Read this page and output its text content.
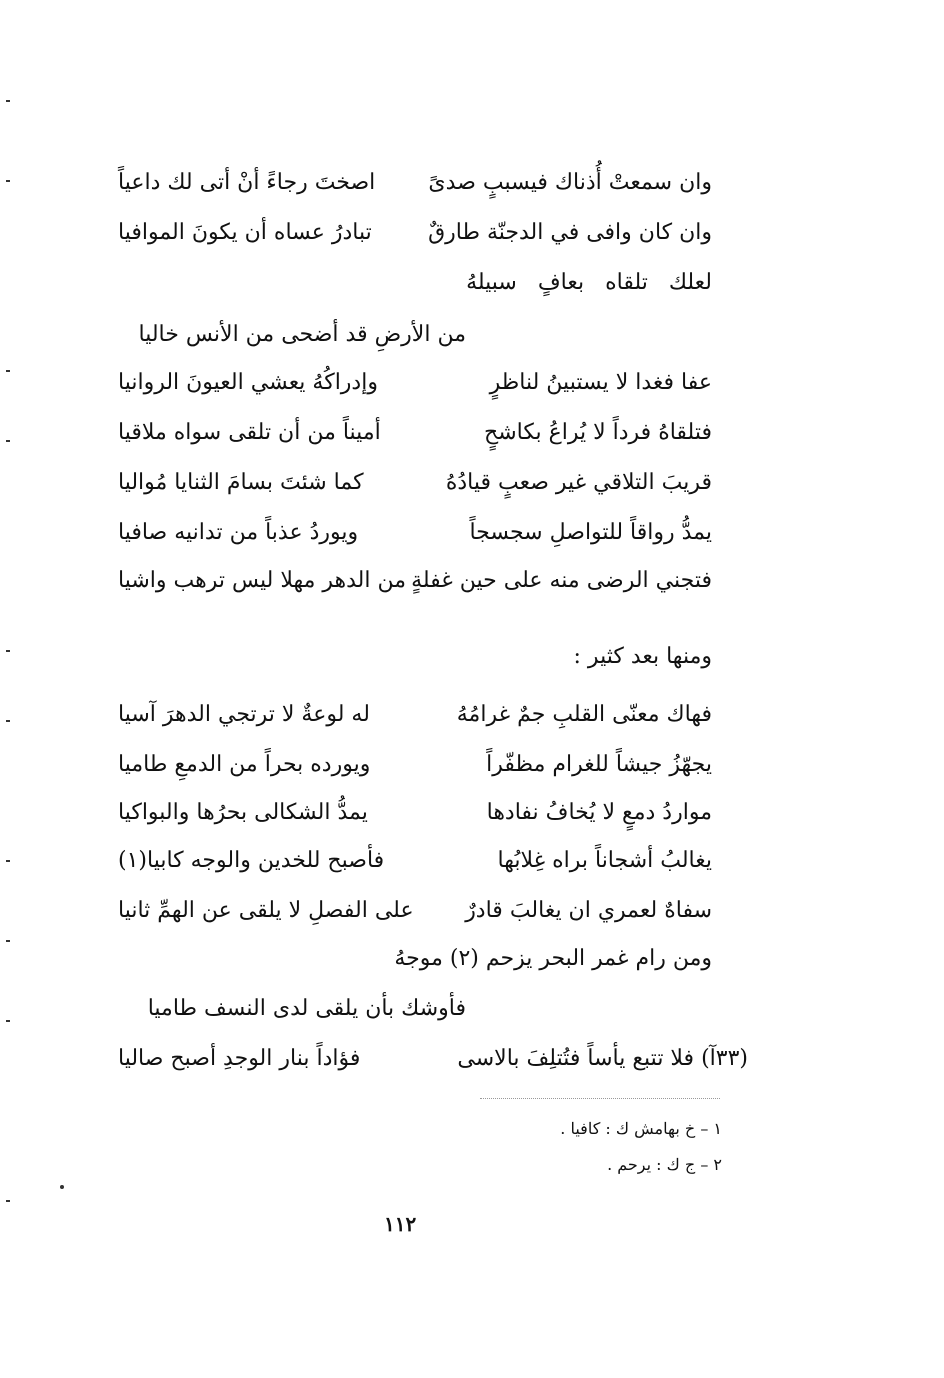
وان سمعتْ أُذناك فيسببٍ صدىً
اصختَ رجاءً أنْ أتى لك داعياً
وان كان وافى في الدجنّة طارقٌ
تبادرُ عساه أن يكونَ الموافيا
لعلك تلقاه بعافٍ سبيلهُ
من الأرضِ قد أضحى من الأنس خاليا
عفا فغدا لا يستبينُ لناظرٍ
وإدراكُهُ يعشي العيونَ الروانيا
فتلقاهُ فرداً لا يُراعُ بكاشحٍ
أميناً من أن تلقى سواه ملاقيا
قريبَ التلاقي غير صعبٍ قيادُهُ
كما شئتَ بسامَ الثنايا مُواليا
يمدُّ رواقاً للتواصلِ سجسجاً
ويوردُ عذباً من تدانيه صافيا
فتجني الرضى منه على حين غفلةٍ
من الدهر مهلا ليس ترهب واشيا
ومنها بعد كثير :
فهاك معنّى القلبِ جمٌ غرامُهُ
له لوعةٌ لا ترتجي الدهرَ آسيا
يجهّزُ جيشاً للغرام مظفّراً
ويورده بحراً من الدمعِ طاميا
مواردُ دمعٍ لا يُخافُ نفادها
يمدُّ الشكالى بحرُها والبواكيا
يغالبُ أشجاناً براه غِلابُها
فأصبح للخدين والوجه كابيا(١)
سفاهٌ لعمري ان يغالبَ قادرٌ
على الفصلِ لا يلقى عن الهمِّ ثانيا
ومن رام غمر البحر يزحم (٢) موجهُ
فأوشك بأن يلقى لدى النسف طاميا
(٣٣آ) فلا تتبع يأساً فتُتلِفَ بالاسى
فؤاداً بنار الوجدِ أصبح صاليا
١ – خ بهامش ك : كافيا .
٢ – ج ك : يرحم .
١١٢
